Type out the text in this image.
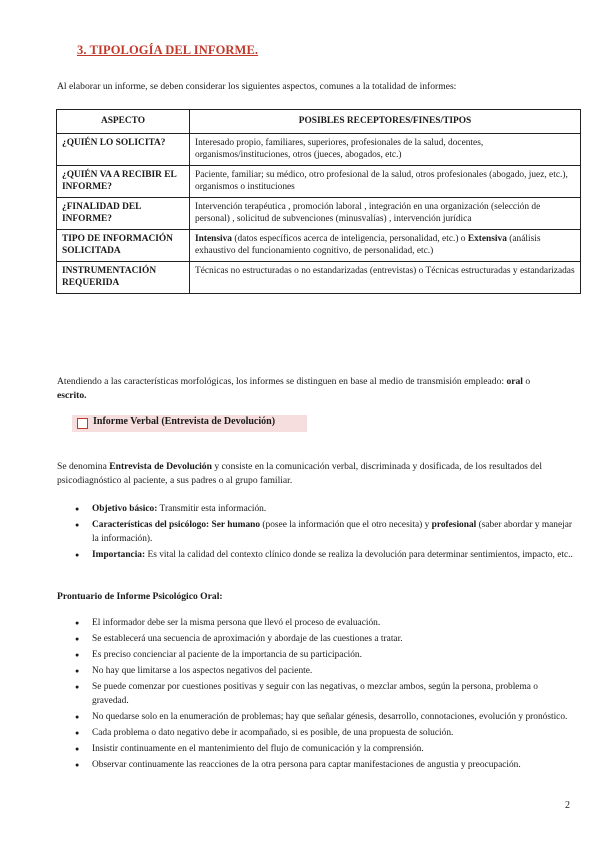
3. TIPOLOGÍA DEL INFORME.
Al elaborar un informe, se deben considerar los siguientes aspectos, comunes a la totalidad de informes:
ASPECTO	POSIBLES RECEPTORES/FINES/TIPOS
¿QUIÉN LO SOLICITA?	Interesado propio, familiares, superiores, profesionales de la salud, docentes, organismos/instituciones, otros (jueces, abogados, etc.)
¿QUIÉN VA A RECIBIR EL INFORME?	Paciente, familiar; su médico, otro profesional de la salud, otros profesionales (abogado, juez, etc.), organismos o instituciones
¿FINALIDAD DEL INFORME?	Intervención terapéutica , promoción laboral , integración en una organización (selección de personal) , solicitud de subvenciones (minusvalías) , intervención jurídica
TIPO DE INFORMACIÓN SOLICITADA	Intensiva (datos específicos acerca de inteligencia, personalidad, etc.) o Extensiva (análisis exhaustivo del funcionamiento cognitivo, de personalidad, etc.)
INSTRUMENTACIÓN REQUERIDA	Técnicas no estructuradas o no estandarizadas (entrevistas) o Técnicas estructuradas y estandarizadas
Atendiendo a las características morfológicas, los informes se distinguen en base al medio de transmisión empleado: oral o escrito.
Informe Verbal (Entrevista de Devolución)
Se denomina Entrevista de Devolución y consiste en la comunicación verbal, discriminada y dosificada, de los resultados del psicodiagnóstico al paciente, a sus padres o al grupo familiar.
● Objetivo básico: Transmitir esta información.
● Características del psicólogo: Ser humano (posee la información que el otro necesita) y profesional (saber abordar y manejar la información).
● Importancia: Es vital la calidad del contexto clínico donde se realiza la devolución para determinar sentimientos, impacto, etc..
Prontuario de Informe Psicológico Oral:
● El informador debe ser la misma persona que llevó el proceso de evaluación.
● Se establecerá una secuencia de aproximación y abordaje de las cuestiones a tratar.
● Es preciso concienciar al paciente de la importancia de su participación.
● No hay que limitarse a los aspectos negativos del paciente.
● Se puede comenzar por cuestiones positivas y seguir con las negativas, o mezclar ambos, según la persona, problema o gravedad.
● No quedarse solo en la enumeración de problemas; hay que señalar génesis, desarrollo, connotaciones, evolución y pronóstico.
● Cada problema o dato negativo debe ir acompañado, si es posible, de una propuesta de solución.
● Insistir continuamente en el mantenimiento del flujo de comunicación y la comprensión.
● Observar continuamente las reacciones de la otra persona para captar manifestaciones de angustia y preocupación.
2
